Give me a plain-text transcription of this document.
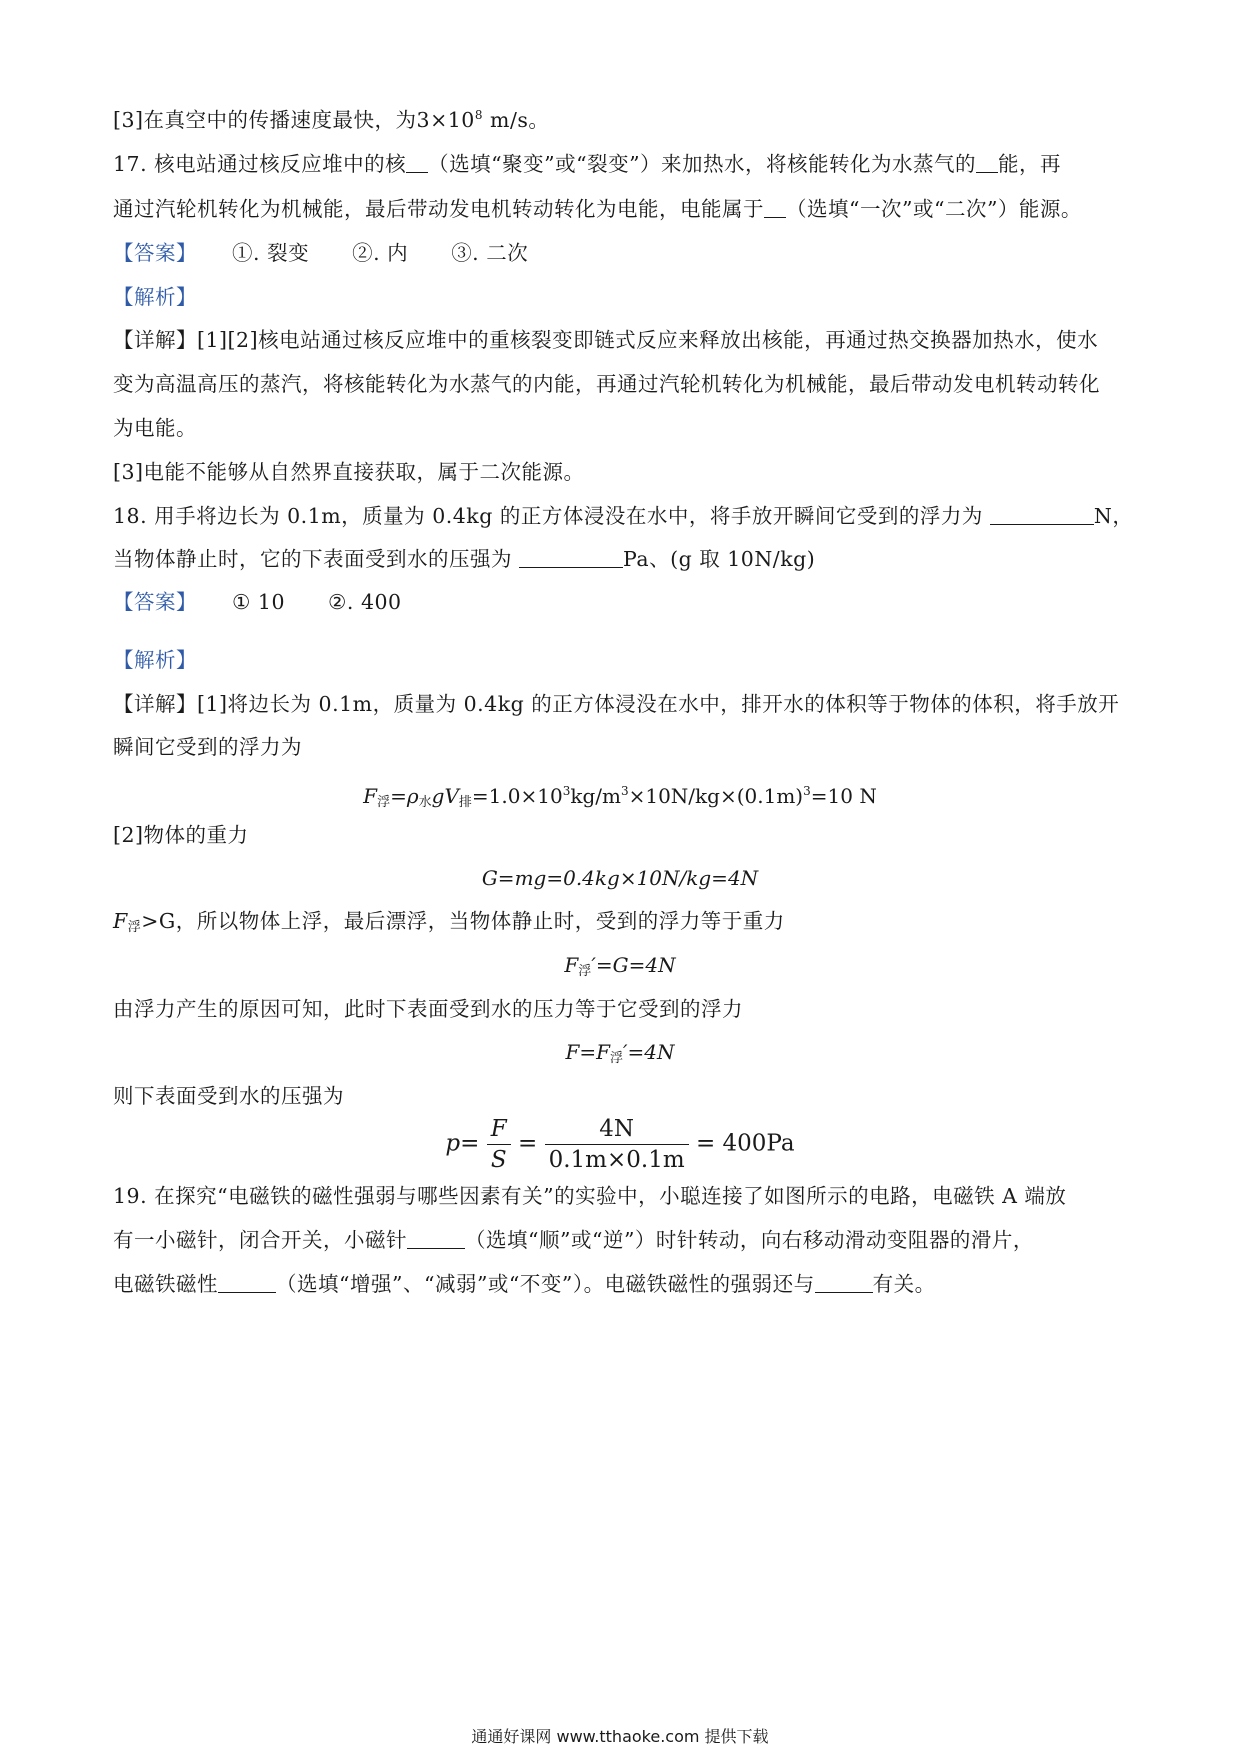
[3]在真空中的传播速度最快，为$3\times 10^8$ m/s。
17. 核电站通过核反应堆中的核 （选填“聚变”或“裂变”）来加热水，将核能转化为水蒸气的 能，再
通过汽轮机转化为机械能，最后带动发电机转动转化为电能，电能属于 （选填“一次”或“二次”）能源。
【答案】 ①. 裂变 ②. 内 ③. 二次
【解析】
【详解】[1][2]核电站通过核反应堆中的重核裂变即链式反应来释放出核能，再通过热交换器加热水，使水
变为高温高压的蒸汽，将核能转化为水蒸气的内能，再通过汽轮机转化为机械能，最后带动发电机转动转化
为电能。
[3]电能不能够从自然界直接获取，属于二次能源。
18. 用手将边长为 0.1m，质量为 0.4kg 的正方体浸没在水中，将手放开瞬间它受到的浮力为	N，
当物体静止时，它的下表面受到水的压强为	Pa、(g 取 10N/kg)
【答案】 ① 10 ②. 400
【解析】
【详解】[1]将边长为 0.1m，质量为 0.4kg 的正方体浸没在水中，排开水的体积等于物体的体积，将手放开
瞬间它受到的浮力为
$F_浮=\rho_水gV_排=1.0\times 10^3kg/m^3\times 10N/kg\times(0.1m)^3=10$ N
[2]物体的重力
G=mg=0.4kg×10N/kg=4N
$F_浮>G$，所以物体上浮，最后漂浮，当物体静止时，受到的浮力等于重力
$F_浮'=G=4N$
由浮力产生的原因可知，此时下表面受到水的压力等于它受到的浮力
$F=F_浮'=4N$
则下表面受到水的压强为
$p= \frac{F}{S} = \frac{4N}{0.1m\times 0.1m} = 400Pa$
19. 在探究“电磁铁的磁性强弱与哪些因素有关”的实验中，小聪连接了如图所示的电路，电磁铁 A 端放
有一小磁针，闭合开关，小磁针	（选填“顺”或“逆”）时针转动，向右移动滑动变阻器的滑片，
电磁铁磁性	（选填“增强”、“减弱”或“不变”）。电磁铁磁性的强弱还与	有关。
通通好课网 www.tthaoke.com 提供下载
